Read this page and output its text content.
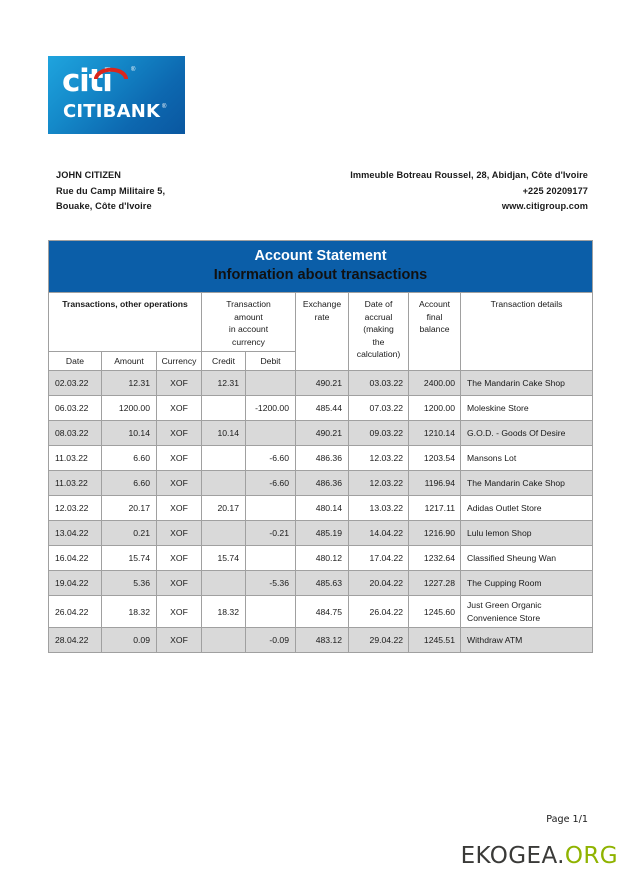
citi	®
CITIBANK ®
JOHN CITIZEN
Rue du Camp Militaire 5,
Bouake, Côte d'Ivoire
Immeuble Botreau Roussel, 28, Abidjan, Côte d'Ivoire
+225 20209177
www.citigroup.com
Account Statement
Information about transactions								

Transactions, other operations			Transaction
amount
in account
currency		Exchange
rate	Date of
accrual
(making
the
calculation)	Account
final
balance	Transaction details
Date	Amount	Currency	Credit	Debit				
02.03.22	12.31	XOF	12.31		490.21	03.03.22	2400.00	The Mandarin Cake Shop
06.03.22	1200.00	XOF		-1200.00	485.44	07.03.22	1200.00	Moleskine Store
08.03.22	10.14	XOF	10.14		490.21	09.03.22	1210.14	G.O.D. - Goods Of Desire
11.03.22	6.60	XOF		-6.60	486.36	12.03.22	1203.54	Mansons Lot
11.03.22	6.60	XOF		-6.60	486.36	12.03.22	1196.94	The Mandarin Cake Shop
12.03.22	20.17	XOF	20.17		480.14	13.03.22	1217.11	Adidas Outlet Store
13.04.22	0.21	XOF		-0.21	485.19	14.04.22	1216.90	Lulu lemon Shop
16.04.22	15.74	XOF	15.74		480.12	17.04.22	1232.64	Classified Sheung Wan
19.04.22	5.36	XOF		-5.36	485.63	20.04.22	1227.28	The Cupping Room
26.04.22	18.32	XOF	18.32		484.75	26.04.22	1245.60	Just Green Organic Convenience Store
28.04.22	0.09	XOF		-0.09	483.12	29.04.22	1245.51	Withdraw ATM
Page 1/1
EKOGEA.ORG
